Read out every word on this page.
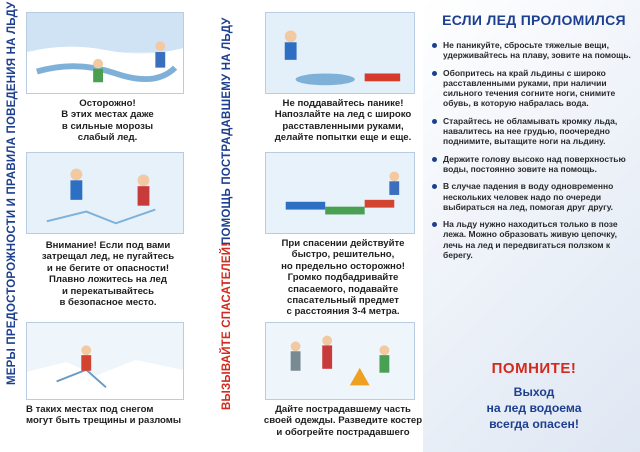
МЕРЫ ПРЕДОСТОРОЖНОСТИ И ПРАВИЛА ПОВЕДЕНИЯ НА ЛЬДУ	Осторожно!
В этих местах даже
в сильные морозы
слабый лед.
Внимание! Если под вами
затрещал лед, не пугайтесь
и не бегите от опасности!
Плавно ложитесь на лед
и перекатывайтесь
в безопасное место.
В таких местах под снегом
могут быть трещины и разломы
ПОМОЩЬ ПОСТРАДАВШЕМУ НА ЛЬДУ
ВЫЗЫВАЙТЕ СПАСАТЕЛЕЙ!
Не поддавайтесь панике!
Напозлайте на лед с широко
расставленными руками,
делайте попытки еще и еще.
При спасении действуйте
быстро, решительно,
но предельно осторожно!
Громко подбадривайте
спасаемого, подавайте
спасательный предмет
с расстояния 3-4 метра.
Дайте пострадавшему часть
своей одежды. Разведите костер
и обогрейте пострадавшего
ЕСЛИ ЛЕД ПРОЛОМИЛСЯ
Не паникуйте, сбросьте тяжелые вещи, удерживайтесь на плаву, зовите на помощь.
Обопритесь на край льдины с широко расставленными руками, при наличии сильного течения согните ноги, снимите обувь, в которую набралась вода.
Старайтесь не обламывать кромку льда, навалитесь на нее грудью, поочередно поднимите, вытащите ноги на льдину.
Держите голову высоко над поверхностью воды, постоянно зовите на помощь.
В случае падения в воду одновременно нескольких человек надо по очереди выбираться на лед, помогая друг другу.
На льду нужно находиться только в позе лежа. Можно образовать живую цепочку, лечь на лед и передвигаться ползком к берегу.
ПОМНИТЕ!
Выход
на лед водоема
всегда опасен!
